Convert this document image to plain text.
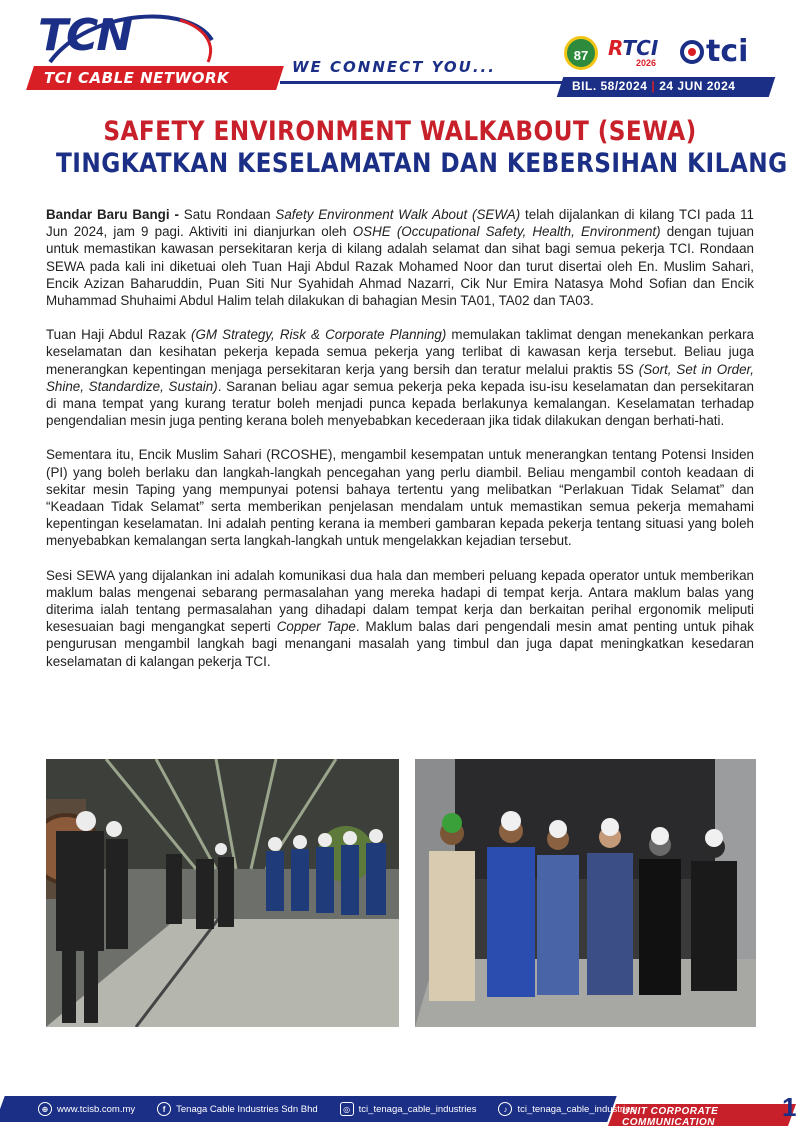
TCN
TCI CABLE NETWORK
WE CONNECT YOU...
87 RTCI
2026	tci
BIL. 58/2024 | 24 JUN 2024
SAFETY ENVIRONMENT WALKABOUT (SEWA)
TINGKATKAN KESELAMATAN DAN KEBERSIHAN KILANG

Bandar Baru Bangi - Satu Rondaan Safety Environment Walk About (SEWA) telah dijalankan di kilang TCI pada 11 Jun 2024, jam 9 pagi. Aktiviti ini dianjurkan oleh OSHE (Occupational Safety, Health, Environment) dengan tujuan untuk memastikan kawasan persekitaran kerja di kilang adalah selamat dan sihat bagi semua pekerja TCI. Rondaan SEWA pada kali ini diketuai oleh Tuan Haji Abdul Razak Mohamed Noor dan turut disertai oleh En. Muslim Sahari, Encik Azizan Baharuddin, Puan Siti Nur Syahidah Ahmad Nazarri, Cik Nur Emira Natasya Mohd Sofian dan Encik Muhammad Shuhaimi Abdul Halim telah dilakukan di bahagian Mesin TA01, TA02 dan TA03.

Tuan Haji Abdul Razak (GM Strategy, Risk & Corporate Planning) memulakan taklimat dengan menekankan perkara keselamatan dan kesihatan pekerja kepada semua pekerja yang terlibat di kawasan kerja tersebut. Beliau juga menerangkan kepentingan menjaga persekitaran kerja yang bersih dan teratur melalui praktis 5S (Sort, Set in Order, Shine, Standardize, Sustain). Saranan beliau agar semua pekerja peka kepada isu-isu keselamatan dan persekitaran di mana tempat yang kurang teratur boleh menjadi punca kepada berlakunya kemalangan. Keselamatan terhadap pengendalian mesin juga penting kerana boleh menyebabkan kecederaan jika tidak dilakukan dengan berhati-hati.

Sementara itu, Encik Muslim Sahari (RCOSHE), mengambil kesempatan untuk menerangkan tentang Potensi Insiden (PI) yang boleh berlaku dan langkah-langkah pencegahan yang perlu diambil. Beliau mengambil contoh keadaan di sekitar mesin Taping yang mempunyai potensi bahaya tertentu yang melibatkan “Perlakuan Tidak Selamat” dan “Keadaan Tidak Selamat” serta memberikan penjelasan mendalam untuk memastikan semua pekerja memahami kepentingan keselamatan. Ini adalah penting kerana ia memberi gambaran kepada pekerja tentang situasi yang boleh menyebabkan kemalangan serta langkah-langkah untuk mengelakkan kejadian tersebut.

Sesi SEWA yang dijalankan ini adalah komunikasi dua hala dan memberi peluang kepada operator untuk memberikan maklum balas mengenai sebarang permasalahan yang mereka hadapi di tempat kerja. Antara maklum balas yang diterima ialah tentang permasalahan yang dihadapi dalam tempat kerja dan berkaitan perihal ergonomik meliputi kesesuaian bagi mengangkat seperti Copper Tape. Maklum balas dari pengendali mesin amat penting untuk pihak pengurusan mengambil langkah bagi menangani masalah yang timbul dan juga dapat meningkatkan kesedaran keselamatan di kalangan pekerja TCI.

⊕ www.tcisb.com.my	f	Tenaga Cable Industries Sdn Bhd	◎ tci_tenaga_cable_industries	♪	tci_tenaga_cable_industries
UNIT CORPORATE COMMUNICATION
1
